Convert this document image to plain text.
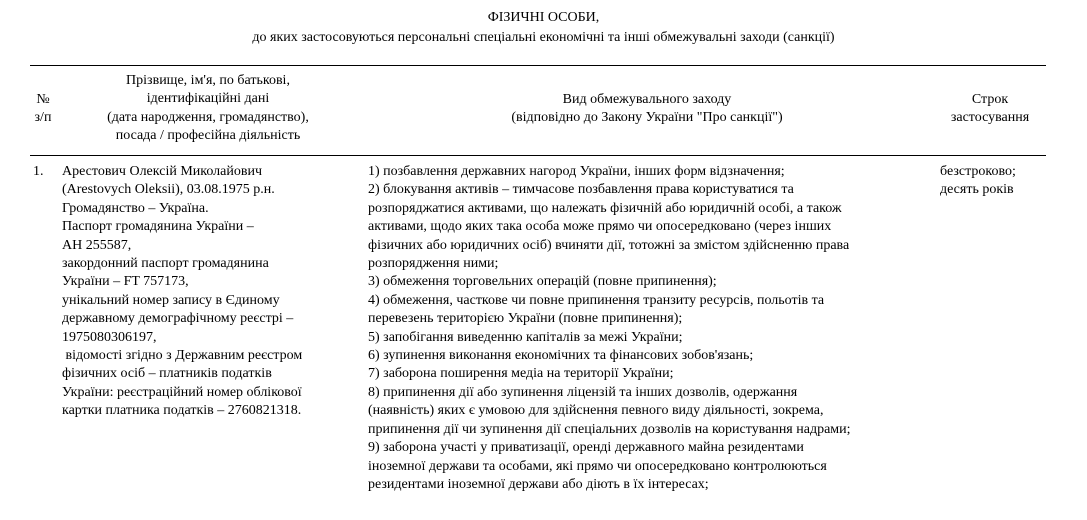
ФІЗИЧНІ ОСОБИ,
до яких застосовуються персональні спеціальні економічні та інші обмежувальні заходи (санкції)
№
з/п
Прізвище, ім'я, по батькові,
ідентифікаційні дані
(дата народження, громадянство),
посада / професійна діяльність
Вид обмежувального заходу
(відповідно до Закону України "Про санкції")
Строк
застосування
1. Арестович Олексій Миколайович
(Arestovych Oleksii), 03.08.1975 р.н.
Громадянство – Україна.
Паспорт громадянина України –
АН 255587,
закордонний паспорт громадянина
України – FT 757173,
унікальний номер запису в Єдиному
державному демографічному реєстрі –
1975080306197,
відомості згідно з Державним реєстром
фізичних осіб – платників податків
України: реєстраційний номер облікової
картки платника податків – 2760821318.
1) позбавлення державних нагород України, інших форм відзначення;
2) блокування активів – тимчасове позбавлення права користуватися та
розпоряджатися активами, що належать фізичній або юридичній особі, а також
активами, щодо яких така особа може прямо чи опосередковано (через інших
фізичних або юридичних осіб) вчиняти дії, тотожні за змістом здійсненню права
розпорядження ними;
3) обмеження торговельних операцій (повне припинення);
4) обмеження, часткове чи повне припинення транзиту ресурсів, польотів та
перевезень територією України (повне припинення);
5) запобігання виведенню капіталів за межі України;
6) зупинення виконання економічних та фінансових зобов'язань;
7) заборона поширення медіа на території України;
8) припинення дії або зупинення ліцензій та інших дозволів, одержання
(наявність) яких є умовою для здійснення певного виду діяльності, зокрема,
припинення дії чи зупинення дії спеціальних дозволів на користування надрами;
9) заборона участі у приватизації, оренді державного майна резидентами
іноземної держави та особами, які прямо чи опосередковано контролюються
резидентами іноземної держави або діють в їх інтересах;
безстроково;
десять років
